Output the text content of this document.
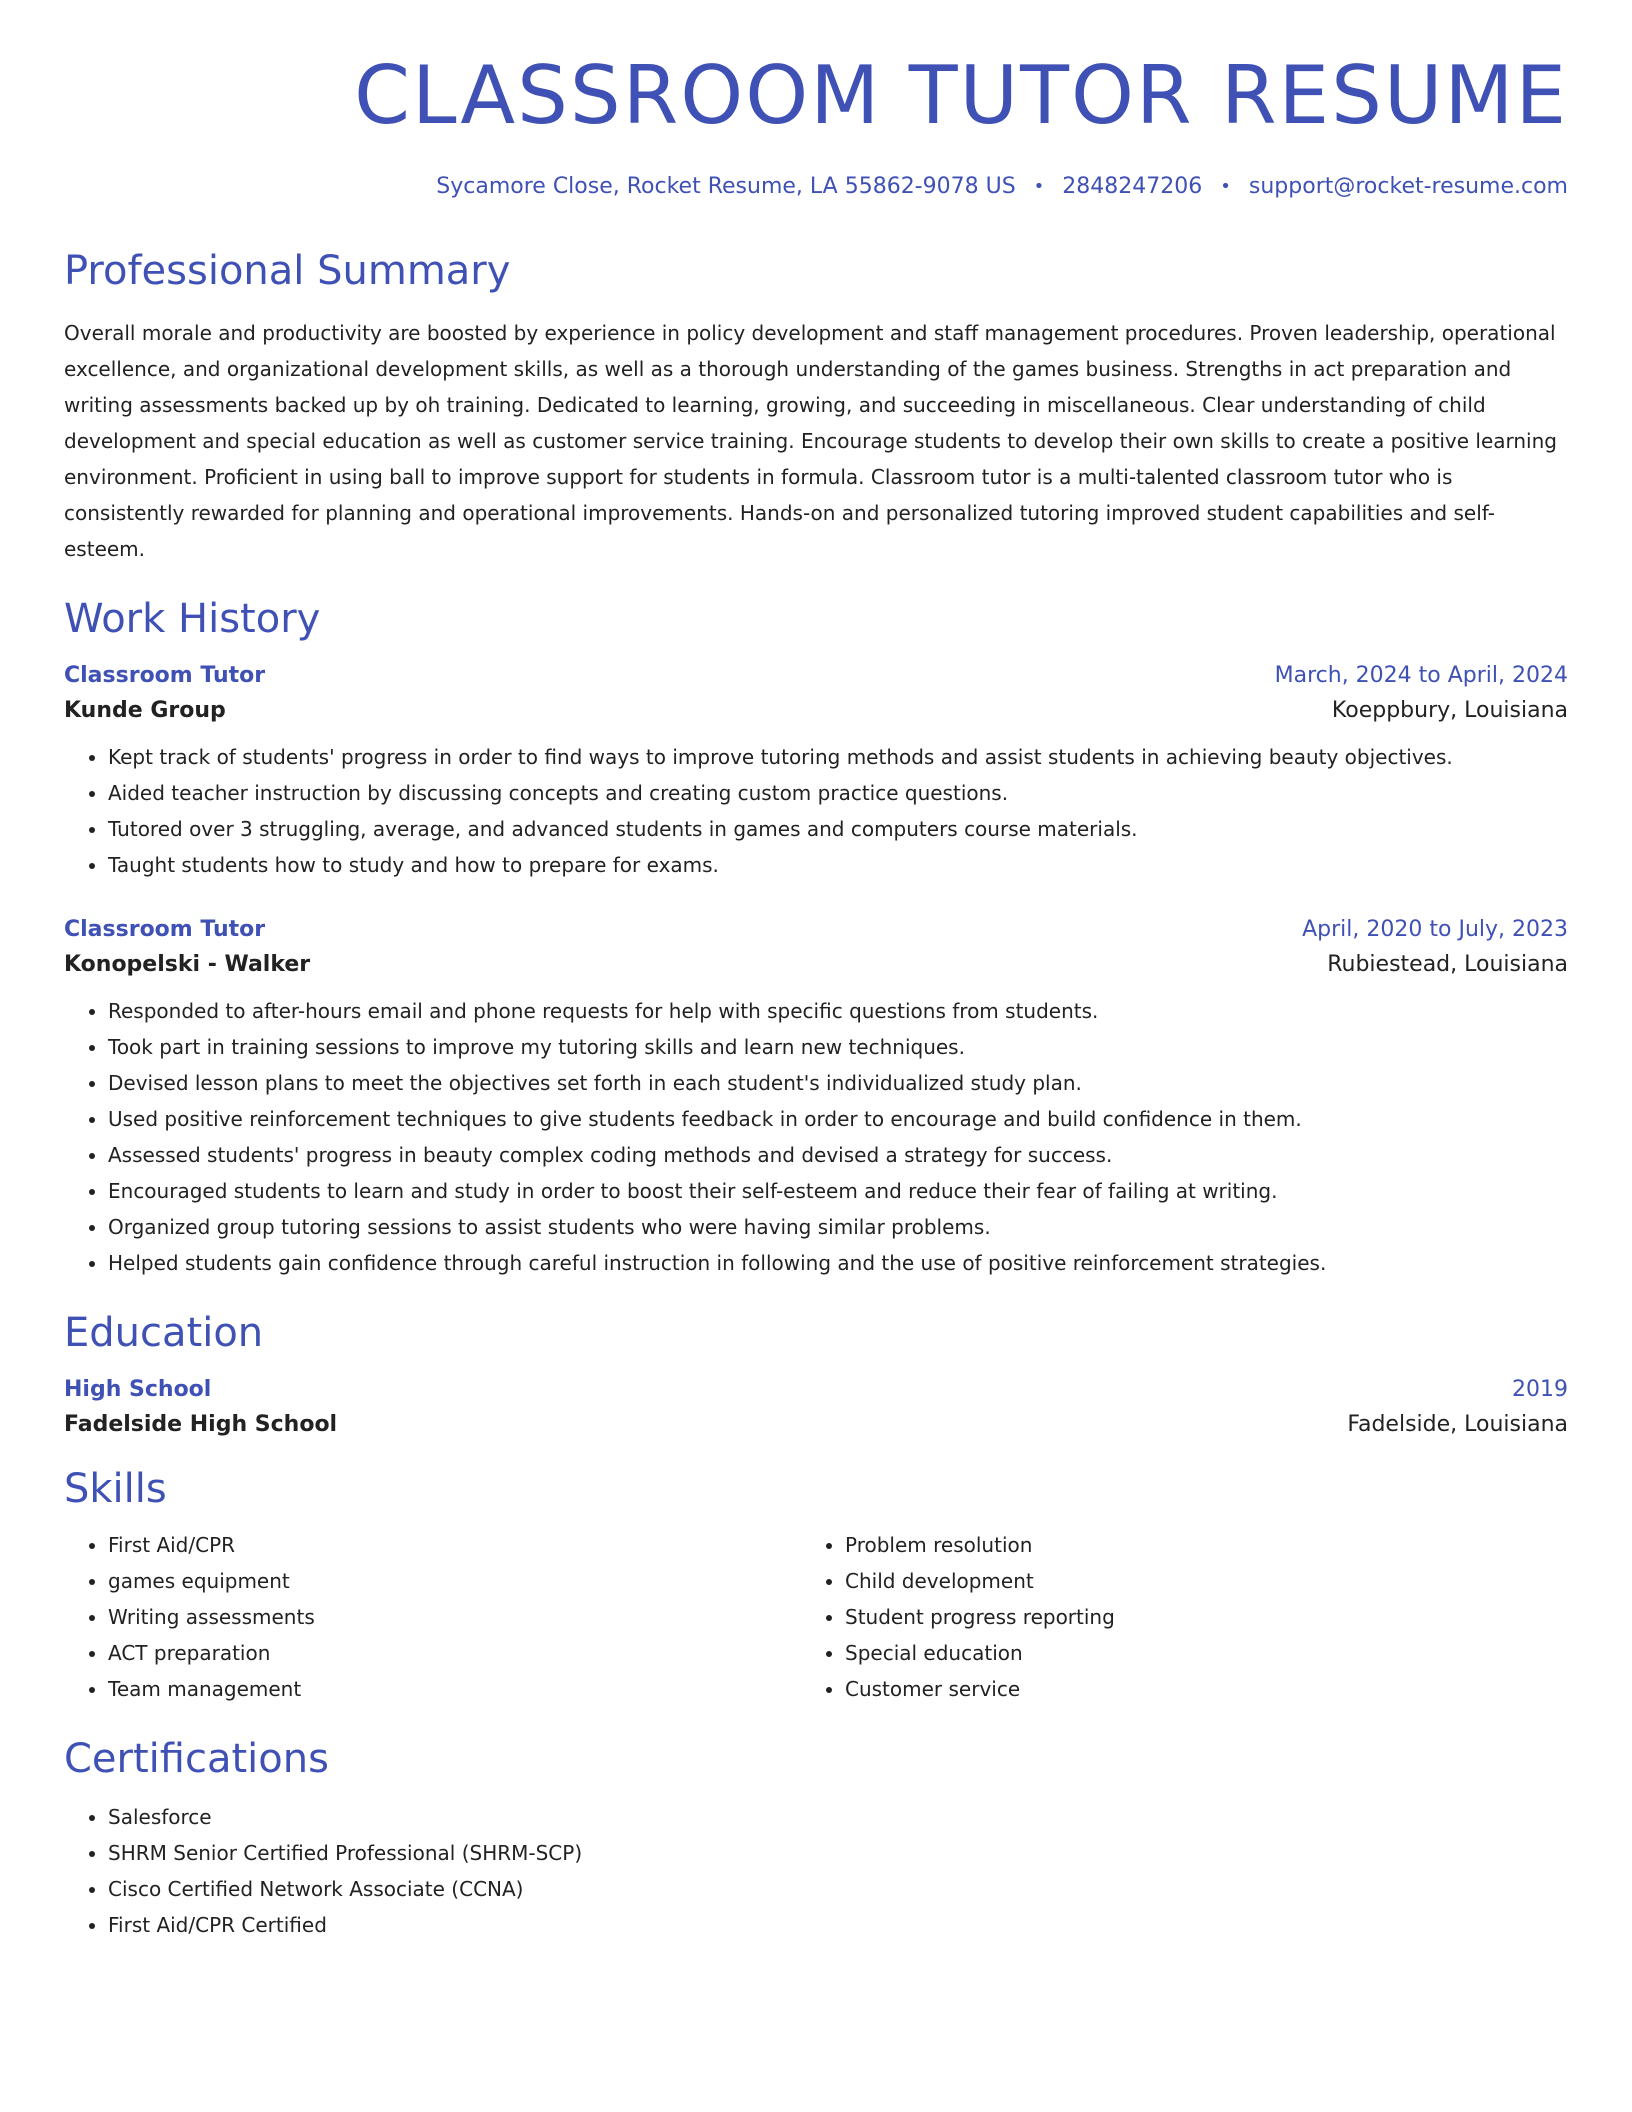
CLASSROOM TUTOR RESUME
Sycamore Close, Rocket Resume, LA 55862-9078 US • 2848247206 • support@rocket-resume.com
Professional Summary
Overall morale and productivity are boosted by experience in policy development and staff management procedures. Proven leadership, operational excellence, and organizational development skills, as well as a thorough understanding of the games business. Strengths in act preparation and writing assessments backed up by oh training. Dedicated to learning, growing, and succeeding in miscellaneous. Clear understanding of child development and special education as well as customer service training. Encourage students to develop their own skills to create a positive learning environment. Proficient in using ball to improve support for students in formula. Classroom tutor is a multi-talented classroom tutor who is consistently rewarded for planning and operational improvements. Hands-on and personalized tutoring improved student capabilities and self-esteem.
Work History
Classroom Tutor	March, 2024 to April, 2024
Kunde Group	Koeppbury, Louisiana
• Kept track of students' progress in order to find ways to improve tutoring methods and assist students in achieving beauty objectives.
• Aided teacher instruction by discussing concepts and creating custom practice questions.
• Tutored over 3 struggling, average, and advanced students in games and computers course materials.
• Taught students how to study and how to prepare for exams.
Classroom Tutor	April, 2020 to July, 2023
Konopelski - Walker	Rubiestead, Louisiana
• Responded to after-hours email and phone requests for help with specific questions from students.
• Took part in training sessions to improve my tutoring skills and learn new techniques.
• Devised lesson plans to meet the objectives set forth in each student's individualized study plan.
• Used positive reinforcement techniques to give students feedback in order to encourage and build confidence in them.
• Assessed students' progress in beauty complex coding methods and devised a strategy for success.
• Encouraged students to learn and study in order to boost their self-esteem and reduce their fear of failing at writing.
• Organized group tutoring sessions to assist students who were having similar problems.
• Helped students gain confidence through careful instruction in following and the use of positive reinforcement strategies.
Education
High School	2019
Fadelside High School	Fadelside, Louisiana
Skills
• First Aid/CPR
• games equipment
• Writing assessments
• ACT preparation
• Team management
• Problem resolution
• Child development
• Student progress reporting
• Special education
• Customer service
Certifications
• Salesforce
• SHRM Senior Certified Professional (SHRM-SCP)
• Cisco Certified Network Associate (CCNA)
• First Aid/CPR Certified
